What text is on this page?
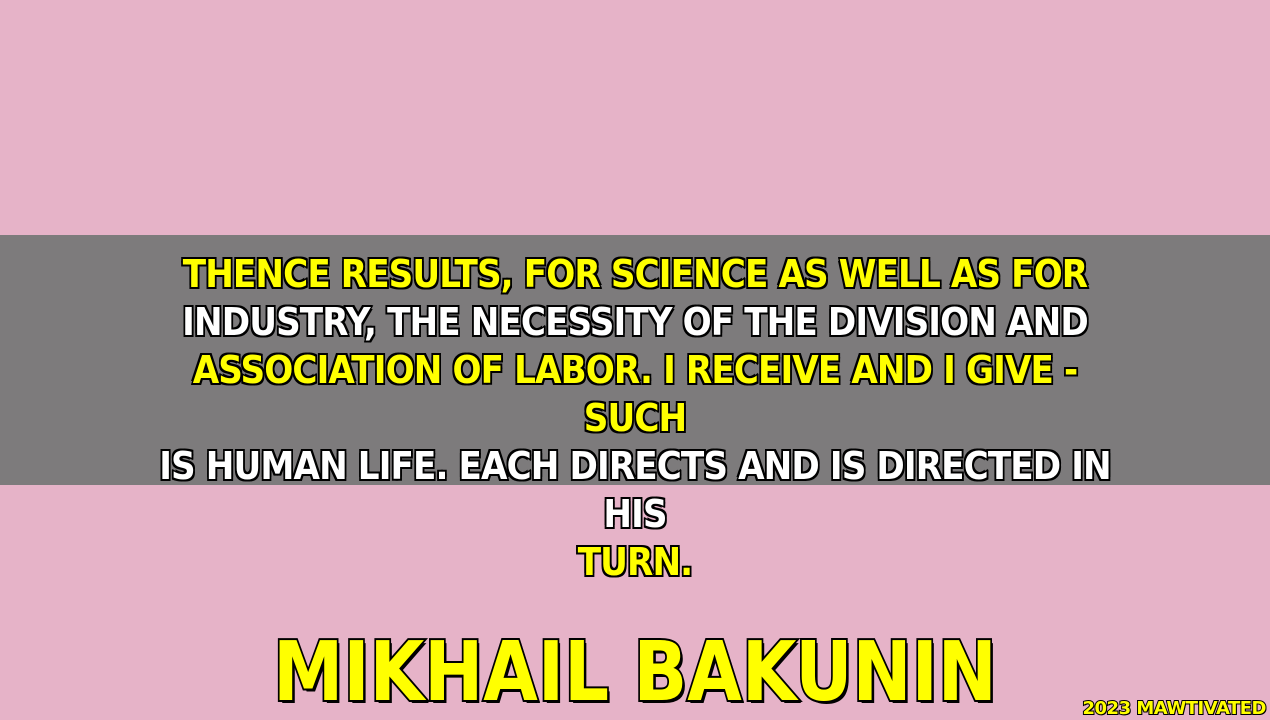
THENCE RESULTS, FOR SCIENCE AS WELL AS FOR
INDUSTRY, THE NECESSITY OF THE DIVISION AND
ASSOCIATION OF LABOR. I RECEIVE AND I GIVE - SUCH
IS HUMAN LIFE. EACH DIRECTS AND IS DIRECTED IN HIS
TURN.

MIKHAIL BAKUNIN	2023 MAWTIVATED
